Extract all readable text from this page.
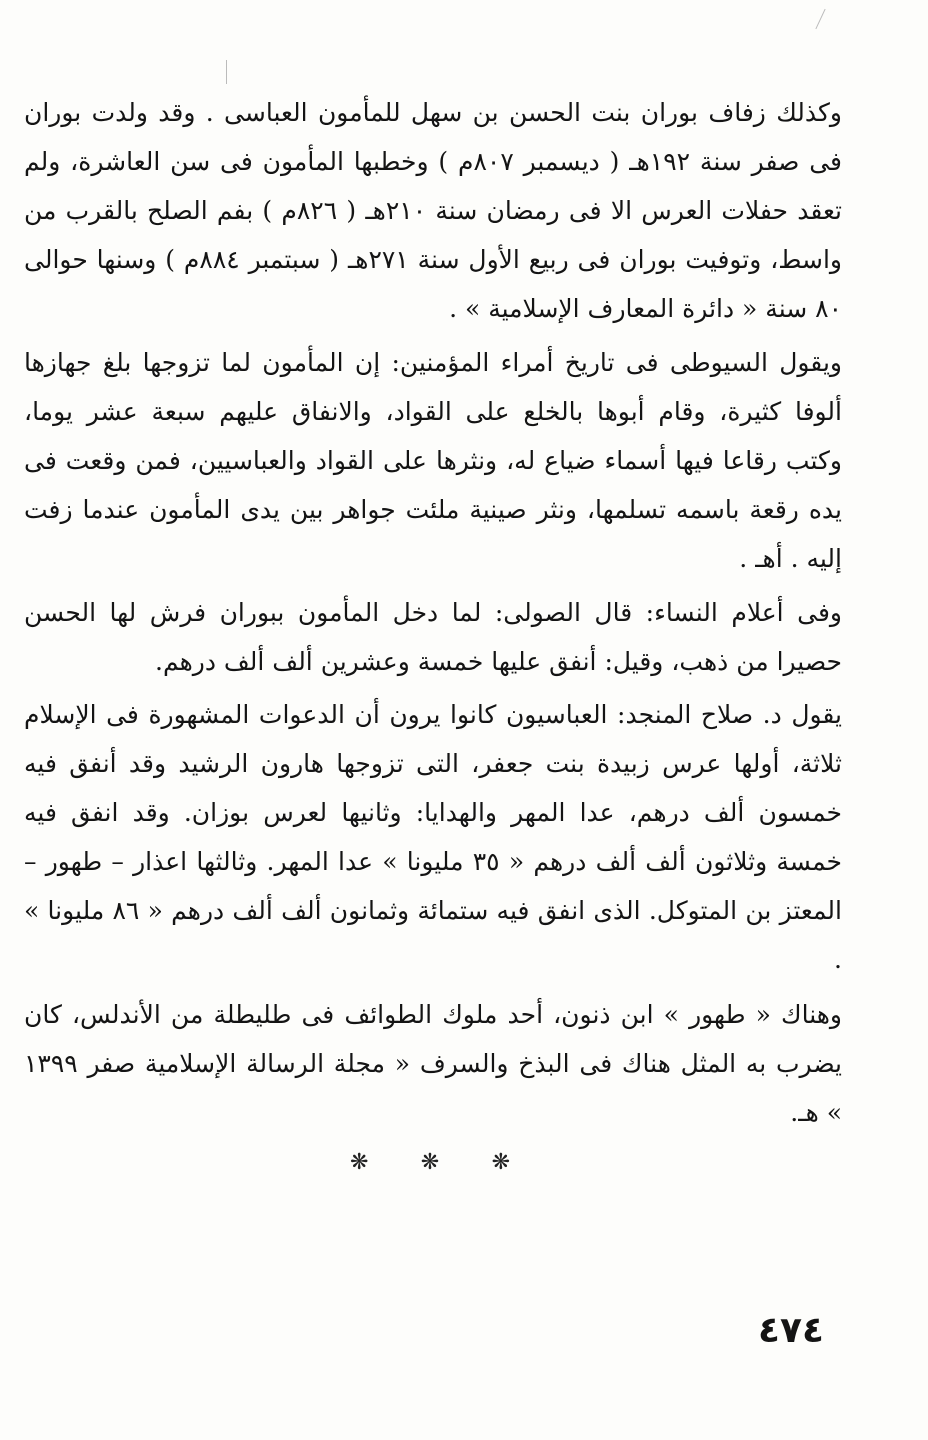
وكذلك زفاف بوران بنت الحسن بن سهل للمأمون العباسى . وقد ولدت بوران فى صفر سنة ١٩٢هـ ( ديسمبر ٨٠٧م ) وخطبها المأمون فى سن العاشرة، ولم تعقد حفلات العرس الا فى رمضان سنة ٢١٠هـ ( ٨٢٦م ) بفم الصلح بالقرب من واسط، وتوفيت بوران فى ربيع الأول سنة ٢٧١هـ ( سبتمبر ٨٨٤م ) وسنها حوالى ٨٠ سنة « دائرة المعارف الإسلامية » .

ويقول السيوطى فى تاريخ أمراء المؤمنين: إن المأمون لما تزوجها بلغ جهازها ألوفا كثيرة، وقام أبوها بالخلع على القواد، والانفاق عليهم سبعة عشر يوما، وكتب رقاعا فيها أسماء ضياع له، ونثرها على القواد والعباسيين، فمن وقعت فى يده رقعة باسمه تسلمها، ونثر صينية ملئت جواهر بين يدى المأمون عندما زفت إليه . أهـ .

وفى أعلام النساء: قال الصولى: لما دخل المأمون ببوران فرش لها الحسن حصيرا من ذهب، وقيل: أنفق عليها خمسة وعشرين ألف ألف درهم.

يقول د. صلاح المنجد: العباسيون كانوا يرون أن الدعوات المشهورة فى الإسلام ثلاثة، أولها عرس زبيدة بنت جعفر، التى تزوجها هارون الرشيد وقد أنفق فيه خمسون ألف درهم، عدا المهر والهدايا: وثانيها لعرس بوزان. وقد انفق فيه خمسة وثلاثون ألف ألف درهم « ٣٥ مليونا » عدا المهر. وثالثها اعذار – طهور – المعتز بن المتوكل. الذى انفق فيه ستمائة وثمانون ألف ألف درهم « ٨٦ مليونا » .

وهناك « طهور » ابن ذنون، أحد ملوك الطوائف فى طليطلة من الأندلس، كان يضرب به المثل هناك فى البذخ والسرف « مجلة الرسالة الإسلامية صفر ١٣٩٩ » هـ.

❋ ❋ ❋
٤٧٤
